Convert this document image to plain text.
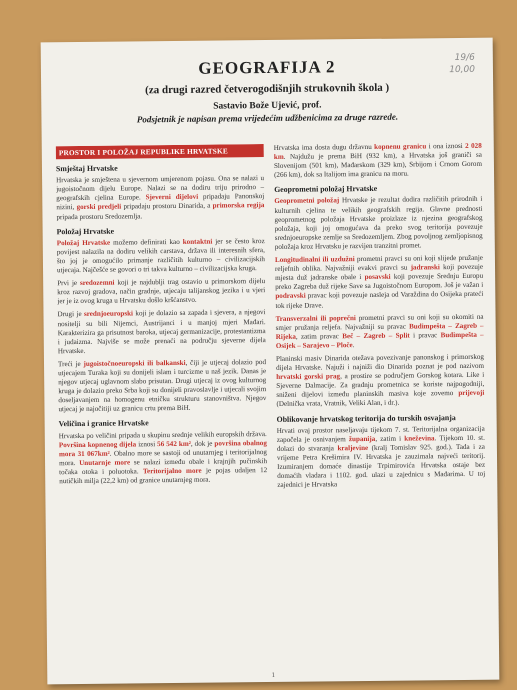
19/6
10,00
GEOGRAFIJA 2
(za drugi razred četverogodišnjih strukovnih škola )
Sastavio Bože Ujević, prof.
Podsjetnik je napisan prema vrijedećim udžbenicima za druge razrede.
PROSTOR I POLOŽAJ REPUBLIKE HRVATSKE
Smještaj Hrvatske

Hrvatska je smještena u sjevernom umjerenom pojasu. Ona se nalazi u jugoistočnom dijelu Europe. Nalazi se na dodiru triju prirodno – geografskih cjelina Europe. Sjeverni dijelovi pripadaju Panonskoj nizini, gorski predjeli pripadaju prostoru Dinarida, a primorska regija pripada prostoru Sredozemlja.

Položaj Hrvatske

Položaj Hrvatske možemo definirati kao kontaktni jer se često kroz povijest nalazila na dodiru velikih carstava, država ili interesnih sfera, što joj je omogućilo primanje različitih kulturno – civilizacijskih utjecaja. Najčešće se govori o tri takva kulturno – civilizacijska kruga.

Prvi je sredozemni koji je najdublji trag ostavio u primorskom dijelu kroz razvoj gradova, način gradnje, utjecaju talijanskog jezika i u vjeri jer je iz ovog kruga u Hrvatsku došlo kršćanstvo.

Drugi je srednjoeuropski koji je dolazio sa zapada i sjevera, a njegovi nositelji su bili Nijemci, Austrijanci i u manjoj mjeri Mađari. Karakterizira ga prisutnost baroka, utjecaj germanizacije, protestantizma i judaizma. Najviše se može prenaći na području sjeverne dijela Hrvatske.

Treći je jugoistočnoeuropski ili balkanski, čiji je utjecaj dolazio pod utjecajem Turaka koji su donijeli islam i turcizme u naš jezik. Danas je njegov utjecaj uglavnom slabo prisutan. Drugi utjecaj iz ovog kulturnog kruga je dolazio preko Srba koji su donijeli pravoslavlje i utjecali svojim doseljavanjem na homogenu etničku strukturu stanovništva. Njegov utjecaj je najočitiji uz granicu crtu prema BiH.

Veličina i granice Hrvatske

Hrvatska po veličini pripada u skupinu srednje velikih europskih država. Površina kopnenog dijela iznosi 56 542 km², dok je površina obalnog mora 31 067km². Obalno more se sastoji od unutarnjeg i teritorijalnog mora. Unutarnje more se nalazi između obale i krajnjih pučinskih točaka otoka i poluotoka. Teritorijalno more je pojas udaljen 12 nutičkih milja (22,2 km) od granice unutarnjeg mora.

Hrvatska ima dosta dugu državnu kopnenu granicu i ona iznosi 2 028 km. Najdužu je prema BiH (932 km), a Hrvatska još graniči sa Slovenijom (501 km), Mađarskom (329 km), Srbijom i Crnom Gorom (266 km), dok sa Italijom ima granicu na moru.

Geoprometni položaj Hrvatske

Geoprometni položaj Hrvatske je rezultat dodira različitih prirodnih i kulturnih cjelina te velikih geografskih regija. Glavne prednosti geoprometnog položaja Hrvatske proizlaze iz njezina geografskog položaja, koji joj omogućava da preko svog teritorija povezuje srednjoeuropske zemlje sa Sredozemljem. Zbog povoljnog zemljopisnog položaja kroz Hrvatsku je razvijen tranzitni promet.

Longitudinalni ili uzdužni prometni pravci su oni koji slijede pružanje reljefnih oblika. Najvažniji evakvi pravci su jadranski koji povezuje mjesta duž jadranske obale i posavski koji povezuje Srednju Europu preko Zagreba duž rijeke Save sa Jugoistočnom Europom. Još je važan i podravski pravac koji povezuje nasleja od Varaždina do Osijeka prateći tok rijeke Drave.

Transverzalni ili poprečni prometni pravci su oni koji su okomiti na smjer pružanja reljefa. Najvažniji su pravac Budimpešta – Zagreb – Rijeka, zatim pravac Beč – Zagreb – Split i pravac Budimpešta – Osijek – Sarajevo – Ploče.

Planinski masiv Dinarida otežava povezivanje panonskog i primorskog dijela Hrvatske. Najuži i najniži dio Dinarida poznat je pod nazivom hrvatski gorski prag, a prostire se područjem Gorskog kotara. Like i Sjeverne Dalmacije. Za gradnju prometnica se koriste najpogodniji, sniženi dijelovi između planinskih masiva koje zovemo prijevoji (Delnička vrata, Vratnik, Veliki Alan, i dr.).

Oblikovanje hrvatskog teritorija do turskih osvajanja

Hrvati ovaj prostor naseljavaju tijekom 7. st. Teritorijalna organizacija započela je osnivanjem županija, zatim i kneževina. Tijekom 10. st. dolazi do stvaranja kraljevine (kralj Tomislav 925. god.). Tada i za vrijeme Petra Krešimira IV. Hrvatska je zauzimala najveći teritorij. Izumiranjem domaće dinastije Trpimirovića Hrvatska ostaje bez domaćih vladara i 1102. god. ulazi u zajednicu s Mađarima. U toj zajednici je Hrvatska

1
